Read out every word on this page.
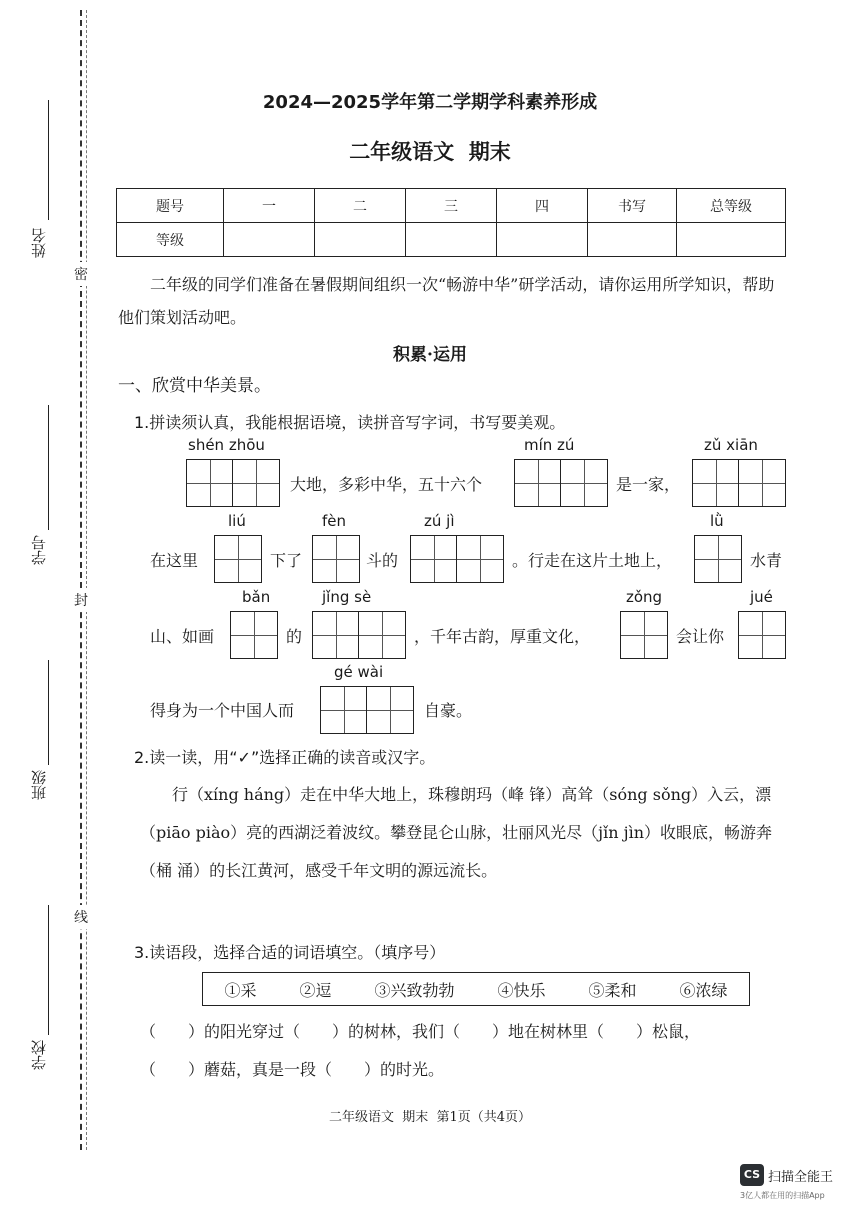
姓名
学号
班级
学校
密
封
线
2024—2025学年第二学期学科素养形成
二年级语文  期末
题号	一	二	三	四	书写	总等级
等级						
二年级的同学们准备在暑假期间组织一次“畅游中华”研学活动，请你运用所学知识，帮助他们策划活动吧。
积累·运用
一、欣赏中华美景。
1.拼读须认真，我能根据语境，读拼音写字词，书写要美观。
shén zhōu
大地，多彩中华，五十六个
mín zú
是一家，
zǔ xiān
在这里
liú
下了
fèn
斗的
zú jì
。行走在这片土地上，
lǜ
水青
山、如画
bǎn
的
jǐng sè
，千年古韵，厚重文化，
zǒng
会让你
jué
得身为一个中国人而
gé wài
自豪。
2.读一读，用“✓”选择正确的读音或汉字。
行（xíng háng）走在中华大地上，珠穆朗玛（峰 锋）高耸（sóng sǒng）入云，漂（piāo piào）亮的西湖泛着波纹。攀登昆仑山脉，壮丽风光尽（jǐn jìn）收眼底，畅游奔（桶 涌）的长江黄河，感受千年文明的源远流长。
3.读语段，选择合适的词语填空。（填序号）
①采	②逗	③兴致勃勃	④快乐	⑤柔和	⑥浓绿
（　　）的阳光穿过（　　）的树林，我们（　　）地在树林里（　　）松鼠，
（　　）蘑菇，真是一段（　　）的时光。
二年级语文  期末  第1页（共4页）
CS 扫描全能王
3亿人都在用的扫描App
